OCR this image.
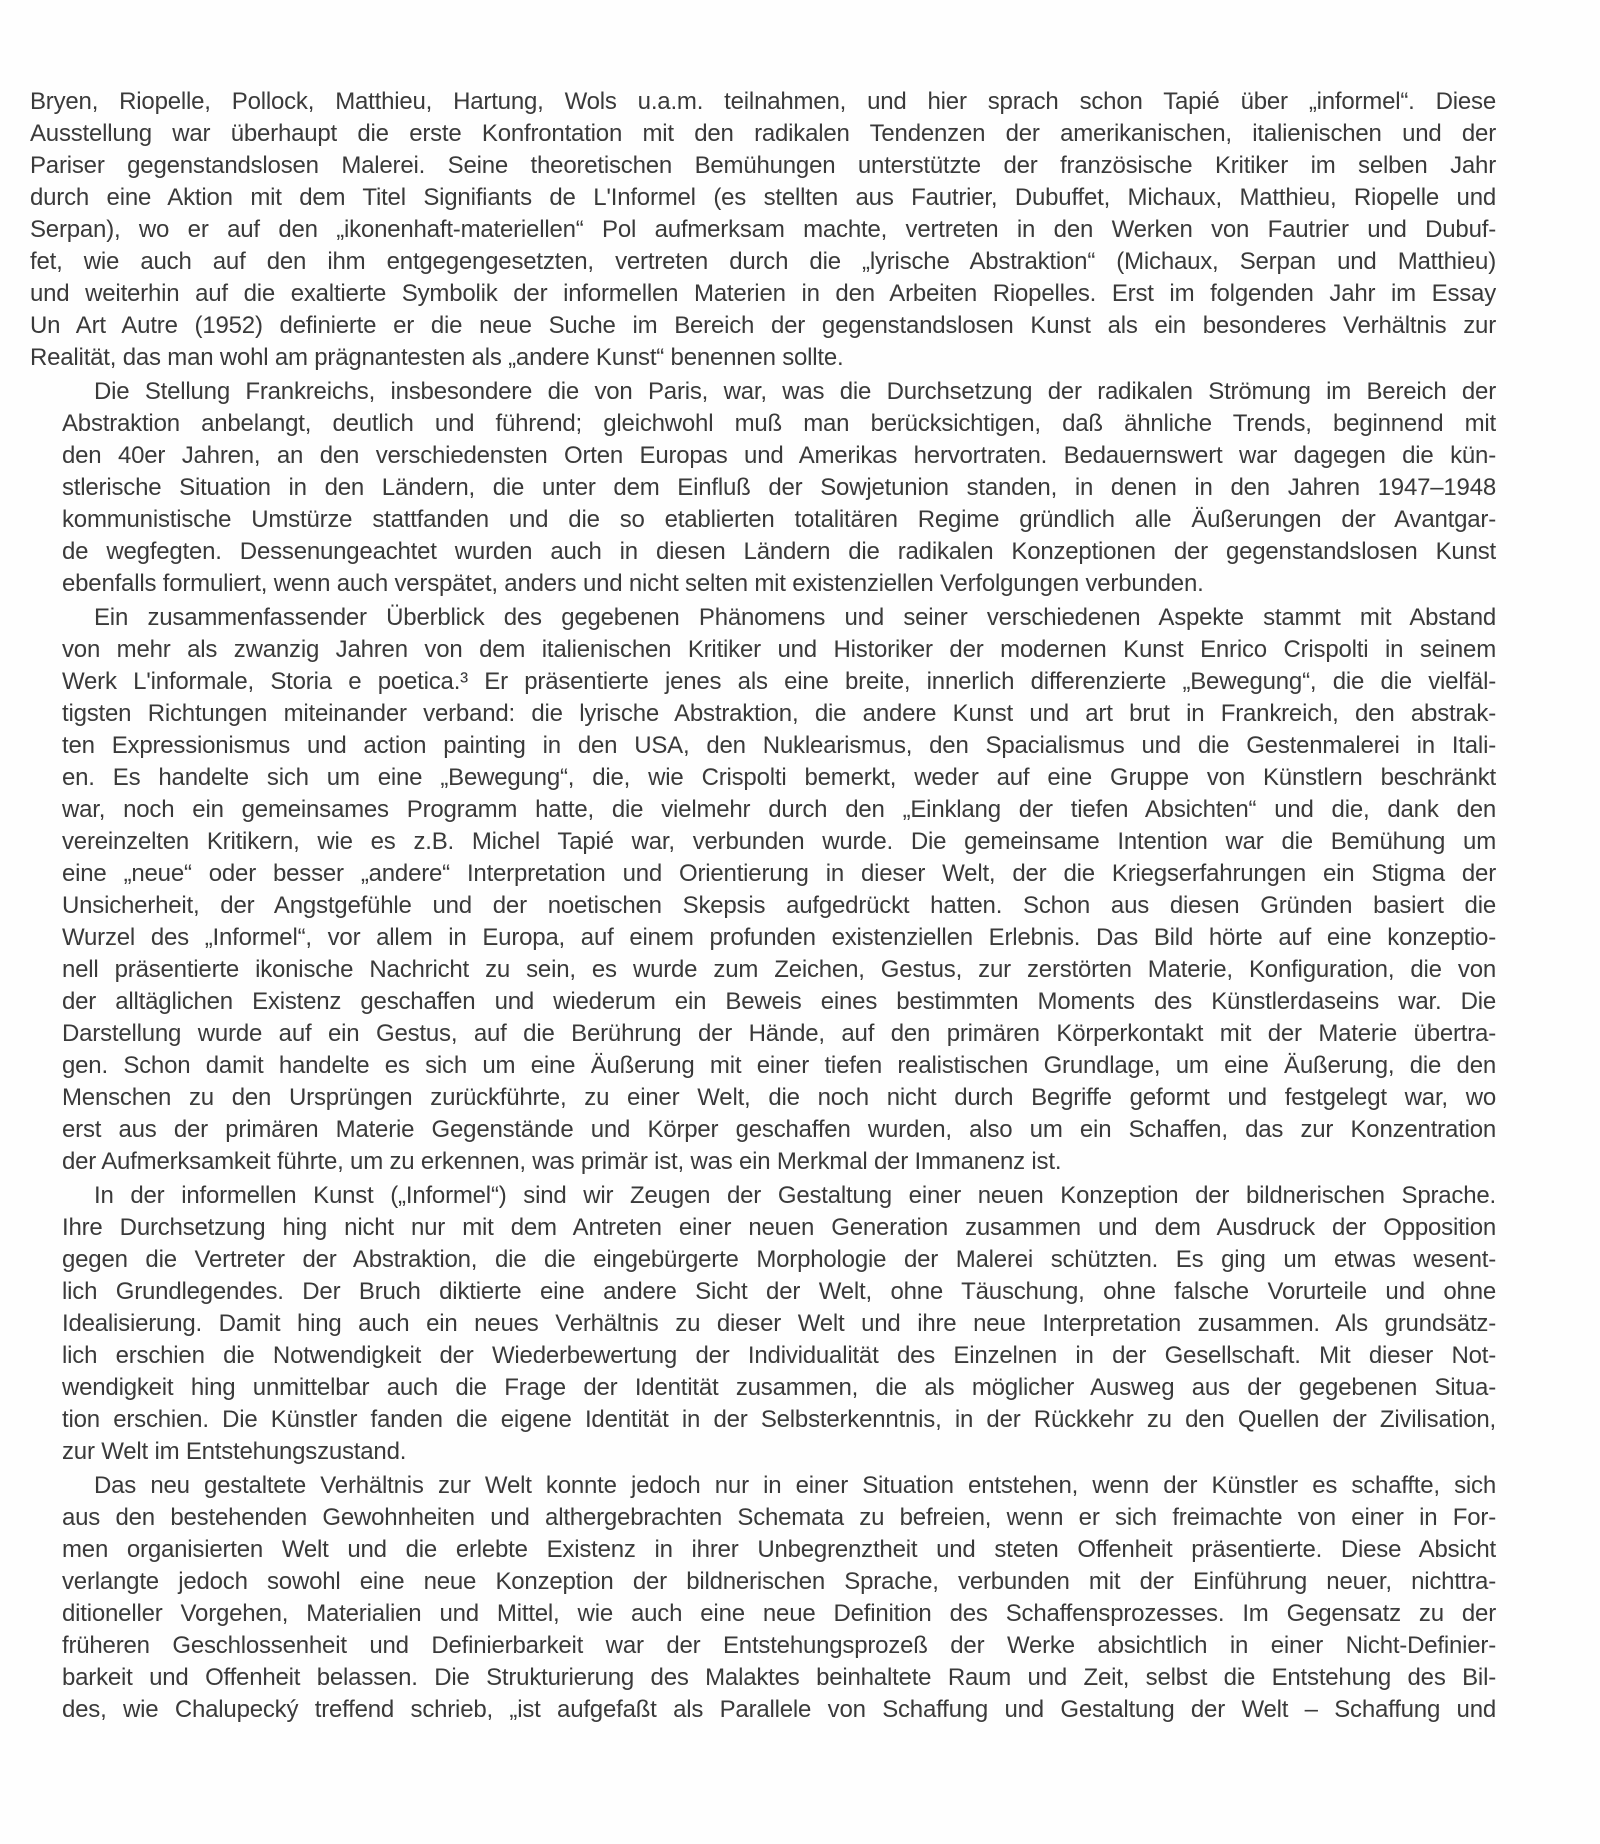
Bryen, Riopelle, Pollock, Matthieu, Hartung, Wols u.a.m. teilnahmen, und hier sprach schon Tapié über „informel“. Diese
Ausstellung war überhaupt die erste Konfrontation mit den radikalen Tendenzen der amerikanischen, italienischen und der
Pariser gegenstandslosen Malerei. Seine theoretischen Bemühungen unterstützte der französische Kritiker im selben Jahr
durch eine Aktion mit dem Titel Signifiants de L'Informel (es stellten aus Fautrier, Dubuffet, Michaux, Matthieu, Riopelle und
Serpan), wo er auf den „ikonenhaft-materiellen“ Pol aufmerksam machte, vertreten in den Werken von Fautrier und Dubuf-
fet, wie auch auf den ihm entgegengesetzten, vertreten durch die „lyrische Abstraktion“ (Michaux, Serpan und Matthieu)
und weiterhin auf die exaltierte Symbolik der informellen Materien in den Arbeiten Riopelles. Erst im folgenden Jahr im Essay
Un Art Autre (1952) definierte er die neue Suche im Bereich der gegenstandslosen Kunst als ein besonderes Verhältnis zur
Realität, das man wohl am prägnantesten als „andere Kunst“ benennen sollte.
Die Stellung Frankreichs, insbesondere die von Paris, war, was die Durchsetzung der radikalen Strömung im Bereich der
Abstraktion anbelangt, deutlich und führend; gleichwohl muß man berücksichtigen, daß ähnliche Trends, beginnend mit
den 40er Jahren, an den verschiedensten Orten Europas und Amerikas hervortraten. Bedauernswert war dagegen die kün-
stlerische Situation in den Ländern, die unter dem Einfluß der Sowjetunion standen, in denen in den Jahren 1947–1948
kommunistische Umstürze stattfanden und die so etablierten totalitären Regime gründlich alle Äußerungen der Avantgar-
de wegfegten. Dessenungeachtet wurden auch in diesen Ländern die radikalen Konzeptionen der gegenstandslosen Kunst
ebenfalls formuliert, wenn auch verspätet, anders und nicht selten mit existenziellen Verfolgungen verbunden.
Ein zusammenfassender Überblick des gegebenen Phänomens und seiner verschiedenen Aspekte stammt mit Abstand
von mehr als zwanzig Jahren von dem italienischen Kritiker und Historiker der modernen Kunst Enrico Crispolti in seinem
Werk L'informale, Storia e poetica.³ Er präsentierte jenes als eine breite, innerlich differenzierte „Bewegung“, die die vielfäl-
tigsten Richtungen miteinander verband: die lyrische Abstraktion, die andere Kunst und art brut in Frankreich, den abstrak-
ten Expressionismus und action painting in den USA, den Nuklearismus, den Spacialismus und die Gestenmalerei in Itali-
en. Es handelte sich um eine „Bewegung“, die, wie Crispolti bemerkt, weder auf eine Gruppe von Künstlern beschränkt
war, noch ein gemeinsames Programm hatte, die vielmehr durch den „Einklang der tiefen Absichten“ und die, dank den
vereinzelten Kritikern, wie es z.B. Michel Tapié war, verbunden wurde. Die gemeinsame Intention war die Bemühung um
eine „neue“ oder besser „andere“ Interpretation und Orientierung in dieser Welt, der die Kriegserfahrungen ein Stigma der
Unsicherheit, der Angstgefühle und der noetischen Skepsis aufgedrückt hatten. Schon aus diesen Gründen basiert die
Wurzel des „Informel“, vor allem in Europa, auf einem profunden existenziellen Erlebnis. Das Bild hörte auf eine konzeptio-
nell präsentierte ikonische Nachricht zu sein, es wurde zum Zeichen, Gestus, zur zerstörten Materie, Konfiguration, die von
der alltäglichen Existenz geschaffen und wiederum ein Beweis eines bestimmten Moments des Künstlerdaseins war. Die
Darstellung wurde auf ein Gestus, auf die Berührung der Hände, auf den primären Körperkontakt mit der Materie übertra-
gen. Schon damit handelte es sich um eine Äußerung mit einer tiefen realistischen Grundlage, um eine Äußerung, die den
Menschen zu den Ursprüngen zurückführte, zu einer Welt, die noch nicht durch Begriffe geformt und festgelegt war, wo
erst aus der primären Materie Gegenstände und Körper geschaffen wurden, also um ein Schaffen, das zur Konzentration
der Aufmerksamkeit führte, um zu erkennen, was primär ist, was ein Merkmal der Immanenz ist.
In der informellen Kunst („Informel“) sind wir Zeugen der Gestaltung einer neuen Konzeption der bildnerischen Sprache.
Ihre Durchsetzung hing nicht nur mit dem Antreten einer neuen Generation zusammen und dem Ausdruck der Opposition
gegen die Vertreter der Abstraktion, die die eingebürgerte Morphologie der Malerei schützten. Es ging um etwas wesent-
lich Grundlegendes. Der Bruch diktierte eine andere Sicht der Welt, ohne Täuschung, ohne falsche Vorurteile und ohne
Idealisierung. Damit hing auch ein neues Verhältnis zu dieser Welt und ihre neue Interpretation zusammen. Als grundsätz-
lich erschien die Notwendigkeit der Wiederbewertung der Individualität des Einzelnen in der Gesellschaft. Mit dieser Not-
wendigkeit hing unmittelbar auch die Frage der Identität zusammen, die als möglicher Ausweg aus der gegebenen Situa-
tion erschien. Die Künstler fanden die eigene Identität in der Selbsterkenntnis, in der Rückkehr zu den Quellen der Zivilisation,
zur Welt im Entstehungszustand.
Das neu gestaltete Verhältnis zur Welt konnte jedoch nur in einer Situation entstehen, wenn der Künstler es schaffte, sich
aus den bestehenden Gewohnheiten und althergebrachten Schemata zu befreien, wenn er sich freimachte von einer in For-
men organisierten Welt und die erlebte Existenz in ihrer Unbegrenztheit und steten Offenheit präsentierte. Diese Absicht
verlangte jedoch sowohl eine neue Konzeption der bildnerischen Sprache, verbunden mit der Einführung neuer, nichttra-
ditioneller Vorgehen, Materialien und Mittel, wie auch eine neue Definition des Schaffensprozesses. Im Gegensatz zu der
früheren Geschlossenheit und Definierbarkeit war der Entstehungsprozeß der Werke absichtlich in einer Nicht-Definier-
barkeit und Offenheit belassen. Die Strukturierung des Malaktes beinhaltete Raum und Zeit, selbst die Entstehung des Bil-
des, wie Chalupecký treffend schrieb, „ist aufgefaßt als Parallele von Schaffung und Gestaltung der Welt – Schaffung und
